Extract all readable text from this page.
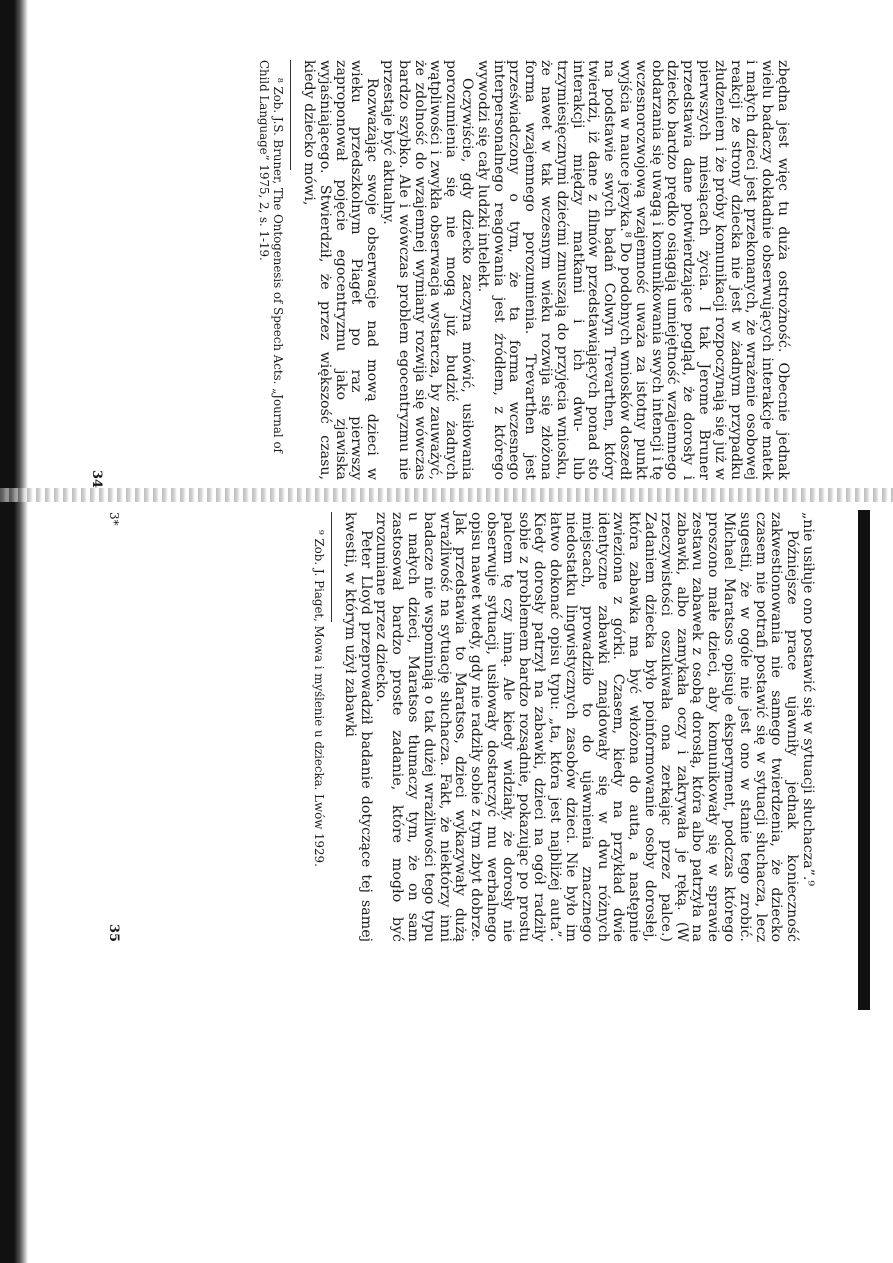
zbędna jest więc tu duża ostrożność. Obecnie jednak wielu badaczy dokładnie obserwujących interakcje matek i małych dzieci jest przekonanych, że wrażenie osobowej reakcji ze strony dziecka nie jest w żadnym przypadku złudzeniem i że próby komunikacji rozpoczynają się już w pierwszych miesiącach życia. I tak Jerome Bruner przedstawia dane potwierdzające pogląd, że dorosły i dziecko bardzo prędko osiągają umiejętność wzajemnego obdarzania się uwagą i komunikowania swych intencji i tę wczesnorozwojową wzajemność uważa za istotny punkt wyjścia w nauce języka.⁸ Do podobnych wniosków doszedł na podstawie swych badań Colwyn Trevarthen, który twierdzi, iż dane z filmów przedstawiających ponad sto interakcji między matkami i ich dwu- lub trzymiesięcznymi dziećmi zmuszają do przyjęcia wniosku, że nawet w tak wczesnym wieku rozwija się złożona forma wzajemnego porozumienia. Trevarthen jest przeświadczony o tym, że ta forma wczesnego interpersonalnego reagowania jest źródłem, z którego wywodzi się cały ludzki intelekt.

Oczywiście, gdy dziecko zaczyna mówić, usiłowania porozumienia się nie mogą już budzić żadnych wątpliwości i zwykła obserwacja wystarcza, by zauważyć, że zdolność do wzajemnej wymiany rozwija się wówczas bardzo szybko. Ale i wówczas problem egocentryzmu nie przestaje być aktualny.

Rozważając swoje obserwacje nad mową dzieci w wieku przedszkolnym Piaget po raz pierwszy zaproponował pojęcie egocentryzmu jako zjawiska wyjaśniającego. Stwierdził, że przez większość czasu, kiedy dziecko mówi,

⁸ Zob. J.S. Bruner, The Ontogenesis of Speech Acts. „Journal of Child Language” 1975, 2, s. 1-19.

34

„nie usiłuje ono postawić się w sytuacji słuchacza”.⁹

Późniejsze prace ujawniły jednak konieczność zakwestionowania nie samego twierdzenia, że dziecko czasem nie potrafi postawić się w sytuacji słuchacza, lecz sugestii, że w ogóle nie jest ono w stanie tego zrobić. Michael Maratsos opisuje eksperyment, podczas którego proszono małe dzieci, aby komunikowały się w sprawie zestawu zabawek z osobą dorosłą, która albo patrzyła na zabawki, albo zamykała oczy i zakrywała je ręką. (W rzeczywistości oszukiwała ona zerkając przez palce.) Zadaniem dziecka było poinformowanie osoby dorosłej, która zabawka ma być włożona do auta, a następnie zwieziona z górki. Czasem, kiedy na przykład dwie identyczne zabawki znajdowały się w dwu różnych miejscach, prowadziło to do ujawnienia znacznego niedostatku lingwistycznych zasobów dzieci. Nie było im łatwo dokonać opisu typu: „ta, która jest najbliżej auta”. Kiedy dorosły patrzył na zabawki, dzieci na ogół radziły sobie z problemem bardzo rozsądnie, pokazując po prostu palcem tę czy inną. Ale kiedy widziały, że dorosły nie obserwuje sytuacji, usiłowały dostarczyć mu werbalnego opisu nawet wtedy, gdy nie radziły sobie z tym zbyt dobrze. Jak przedstawia to Maratsos, dzieci wykazywały dużą wrażliwość na sytuację słuchacza. Fakt, że niektórzy inni badacze nie wspominają o tak dużej wrażliwości tego typu u małych dzieci, Maratsos tłumaczy tym, że on sam zastosował bardzo proste zadanie, które mogło być zrozumiane przez dziecko.

Peter Lloyd przeprowadził badanie dotyczące tej samej kwestii, w którym użył zabawki

⁹ Zob. J. Piaget, Mowa i myślenie u dziecka. Lwów 1929.

3*
35
